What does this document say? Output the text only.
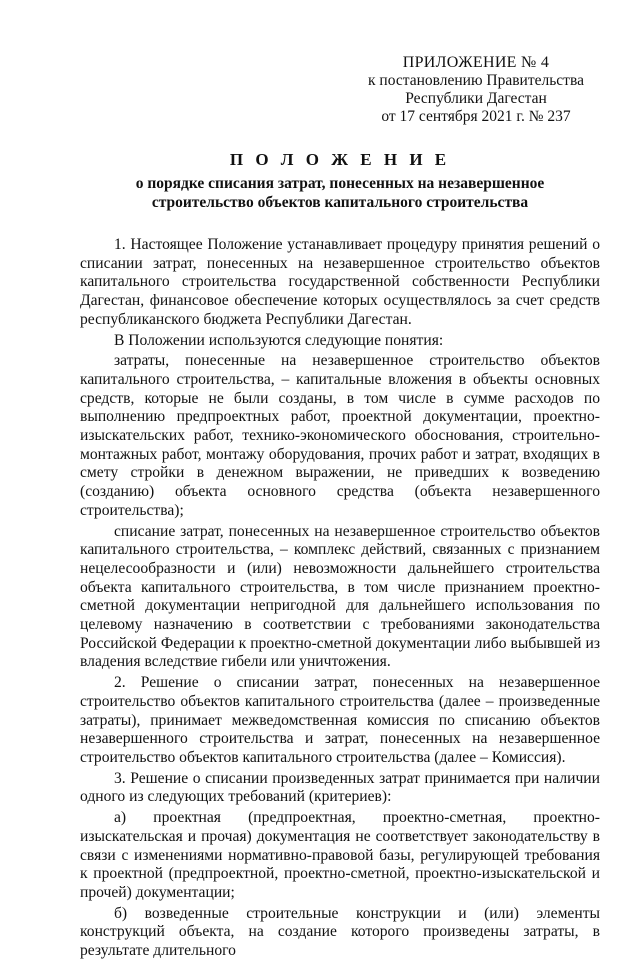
ПРИЛОЖЕНИЕ № 4
к постановлению Правительства
Республики Дагестан
от 17 сентября 2021 г. № 237
П О Л О Ж Е Н И Е
о порядке списания затрат, понесенных на незавершенное
строительство объектов капитального строительства

1. Настоящее Положение устанавливает процедуру принятия решений о списании затрат, понесенных на незавершенное строительство объектов капитального строительства государственной собственности Республики Дагестан, финансовое обеспечение которых осуществлялось за счет средств республиканского бюджета Республики Дагестан.

В Положении используются следующие понятия:

затраты, понесенные на незавершенное строительство объектов капитального строительства, – капитальные вложения в объекты основных средств, которые не были созданы, в том числе в сумме расходов по выполнению предпроектных работ, проектной документации, проектно-изыскательских работ, технико-экономического обоснования, строительно-монтажных работ, монтажу оборудования, прочих работ и затрат, входящих в смету стройки в денежном выражении, не приведших к возведению (созданию) объекта основного средства (объекта незавершенного строительства);

списание затрат, понесенных на незавершенное строительство объектов капитального строительства, – комплекс действий, связанных с признанием нецелесообразности и (или) невозможности дальнейшего строительства объекта капитального строительства, в том числе признанием проектно-сметной документации непригодной для дальнейшего использования по целевому назначению в соответствии с требованиями законодательства Российской Федерации к проектно-сметной документации либо выбывшей из владения вследствие гибели или уничтожения.

2. Решение о списании затрат, понесенных на незавершенное строительство объектов капитального строительства (далее – произведенные затраты), принимает межведомственная комиссия по списанию объектов незавершенного строительства и затрат, понесенных на незавершенное строительство объектов капитального строительства (далее – Комиссия).

3. Решение о списании произведенных затрат принимается при наличии одного из следующих требований (критериев):

а) проектная (предпроектная, проектно-сметная, проектно-изыскательская и прочая) документация не соответствует законодательству в связи с изменениями нормативно-правовой базы, регулирующей требования к проектной (предпроектной, проектно-сметной, проектно-изыскательской и прочей) документации;

б) возведенные строительные конструкции и (или) элементы конструкций объекта, на создание которого произведены затраты, в результате длительного
